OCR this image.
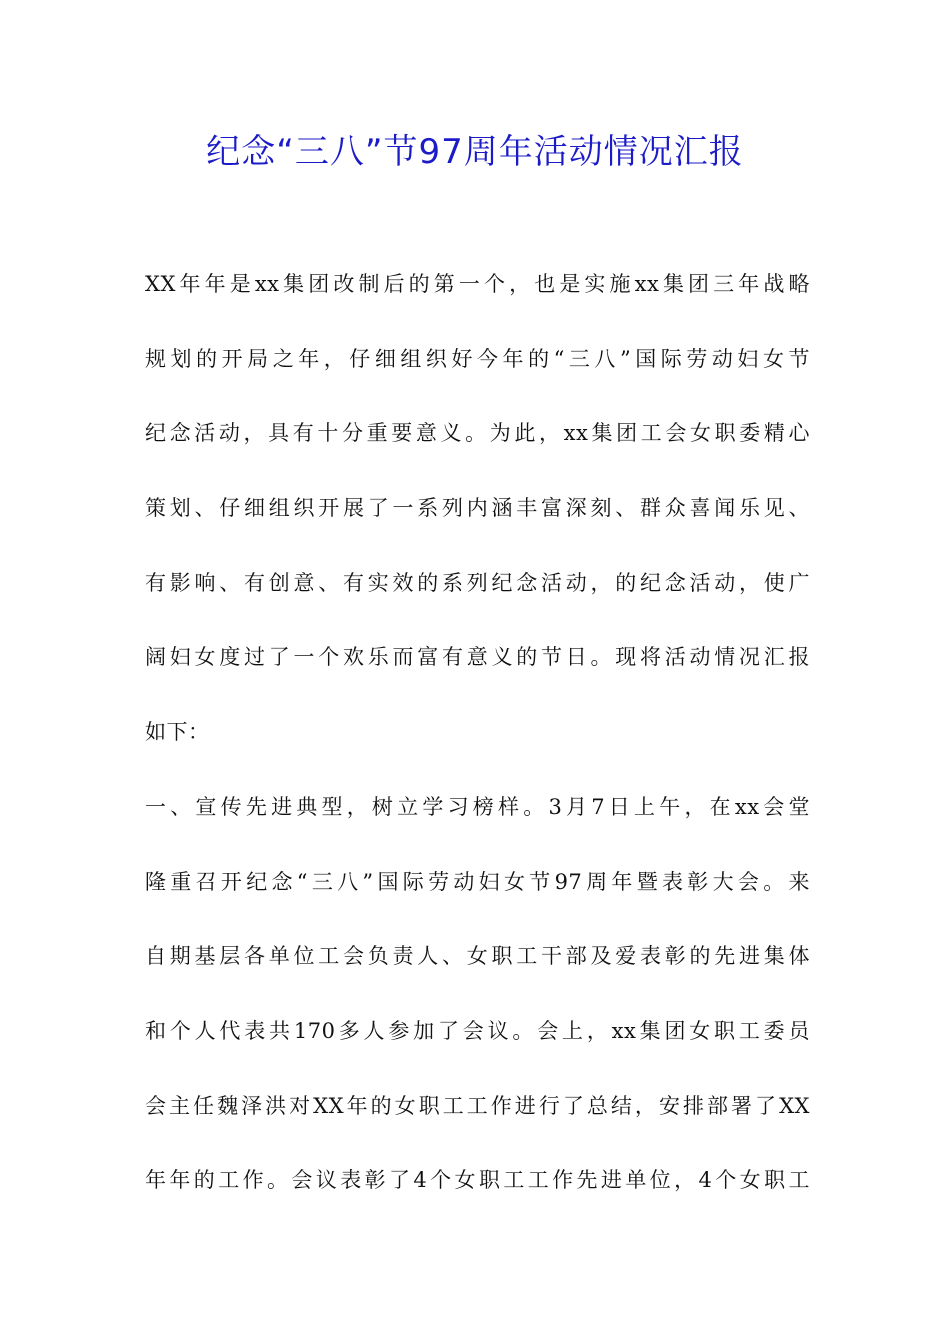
纪念“三八”节97周年活动情况汇报
XX年年是xx集团改制后的第一个，也是实施xx集团三年战略
规划的开局之年，仔细组织好今年的“三八”国际劳动妇女节
纪念活动，具有十分重要意义。为此，xx集团工会女职委精心
策划、仔细组织开展了一系列内涵丰富深刻、群众喜闻乐见、
有影响、有创意、有实效的系列纪念活动，的纪念活动，使广
阔妇女度过了一个欢乐而富有意义的节日。现将活动情况汇报
如下：
一、宣传先进典型，树立学习榜样。3月7日上午，在xx会堂
隆重召开纪念“三八”国际劳动妇女节97周年暨表彰大会。来
自期基层各单位工会负责人、女职工干部及爱表彰的先进集体
和个人代表共170多人参加了会议。会上，xx集团女职工委员
会主任魏泽洪对XX年的女职工工作进行了总结，安排部署了XX
年年的工作。会议表彰了4个女职工工作先进单位，4个女职工
